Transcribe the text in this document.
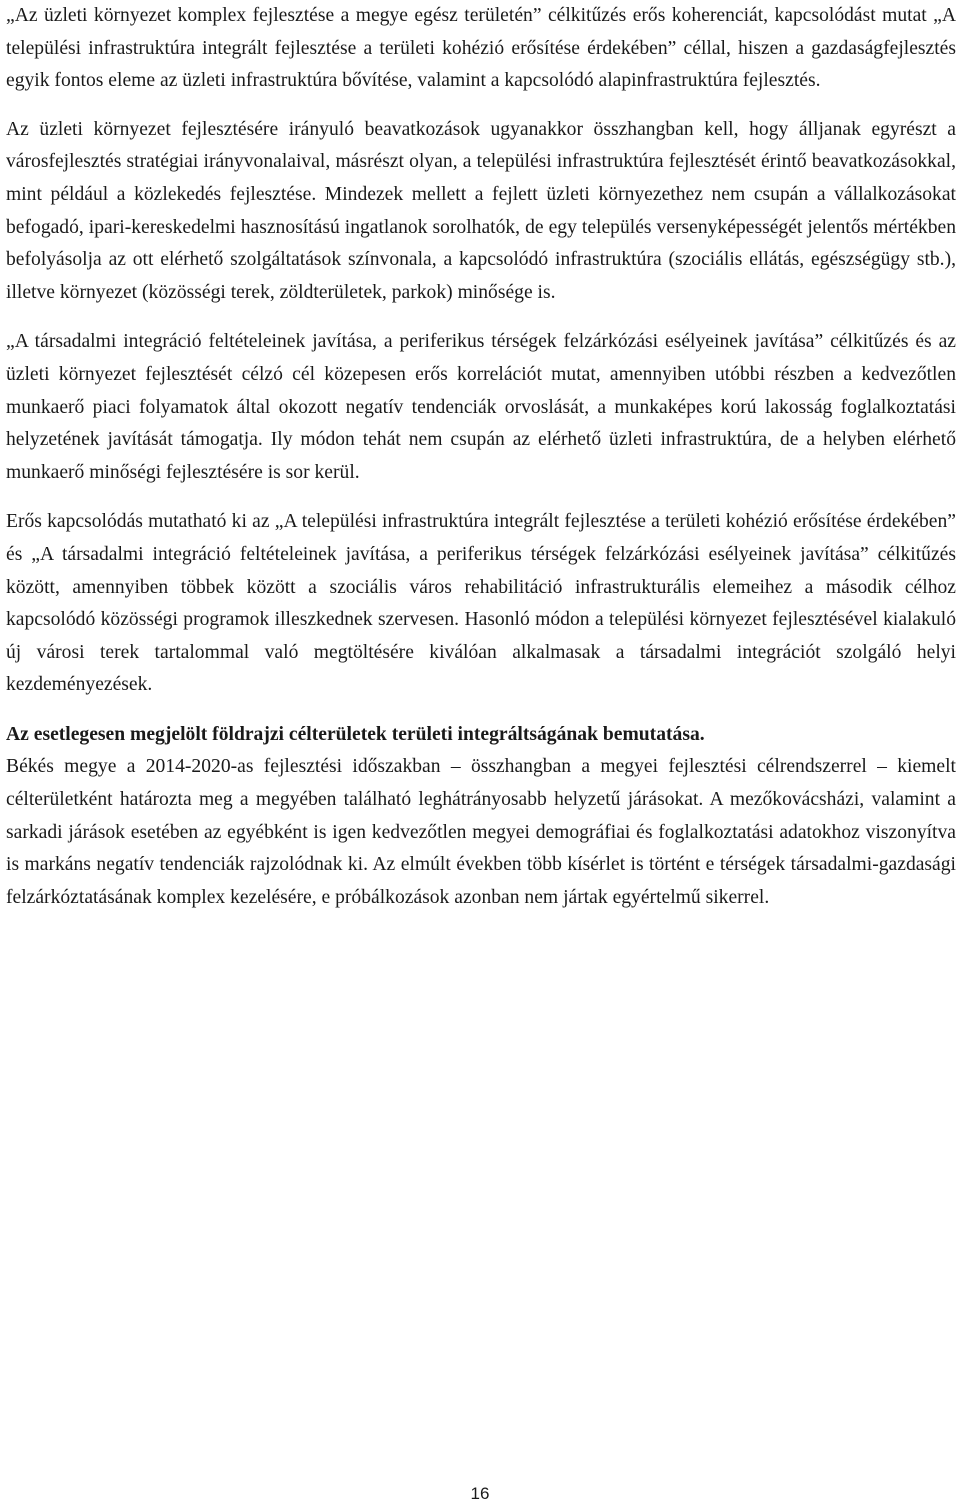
„Az üzleti környezet komplex fejlesztése a megye egész területén” célkitűzés erős koherenciát, kapcsolódást mutat „A települési infrastruktúra integrált fejlesztése a területi kohézió erősítése érdekében” céllal, hiszen a gazdaságfejlesztés egyik fontos eleme az üzleti infrastruktúra bővítése, valamint a kapcsolódó alapinfrastruktúra fejlesztés.

Az üzleti környezet fejlesztésére irányuló beavatkozások ugyanakkor összhangban kell, hogy álljanak egyrészt a városfejlesztés stratégiai irányvonalaival, másrészt olyan, a települési infrastruktúra fejlesztését érintő beavatkozásokkal, mint például a közlekedés fejlesztése. Mindezek mellett a fejlett üzleti környezethez nem csupán a vállalkozásokat befogadó, ipari-kereskedelmi hasznosítású ingatlanok sorolhatók, de egy település versenyképességét jelentős mértékben befolyásolja az ott elérhető szolgáltatások színvonala, a kapcsolódó infrastruktúra (szociális ellátás, egészségügy stb.), illetve környezet (közösségi terek, zöldterületek, parkok) minősége is.

„A társadalmi integráció feltételeinek javítása, a periferikus térségek felzárkózási esélyeinek javítása” célkitűzés és az üzleti környezet fejlesztését célzó cél közepesen erős korrelációt mutat, amennyiben utóbbi részben a kedvezőtlen munkaerő piaci folyamatok által okozott negatív tendenciák orvoslását, a munkaképes korú lakosság foglalkoztatási helyzetének javítását támogatja. Ily módon tehát nem csupán az elérhető üzleti infrastruktúra, de a helyben elérhető munkaerő minőségi fejlesztésére is sor kerül.

Erős kapcsolódás mutatható ki az „A települési infrastruktúra integrált fejlesztése a területi kohézió erősítése érdekében” és „A társadalmi integráció feltételeinek javítása, a periferikus térségek felzárkózási esélyeinek javítása” célkitűzés között, amennyiben többek között a szociális város rehabilitáció infrastrukturális elemeihez a második célhoz kapcsolódó közösségi programok illeszkednek szervesen. Hasonló módon a települési környezet fejlesztésével kialakuló új városi terek tartalommal való megtöltésére kiválóan alkalmasak a társadalmi integrációt szolgáló helyi kezdeményezések.

Az esetlegesen megjelölt földrajzi célterületek területi integráltságának bemutatása.

Békés megye a 2014-2020-as fejlesztési időszakban – összhangban a megyei fejlesztési célrendszerrel – kiemelt célterületként határozta meg a megyében található leghátrányosabb helyzetű járásokat. A mezőkovácsházi, valamint a sarkadi járások esetében az egyébként is igen kedvezőtlen megyei demográfiai és foglalkoztatási adatokhoz viszonyítva is markáns negatív tendenciák rajzolódnak ki. Az elmúlt években több kísérlet is történt e térségek társadalmi-gazdasági felzárkóztatásának komplex kezelésére, e próbálkozások azonban nem jártak egyértelmű sikerrel.

16
